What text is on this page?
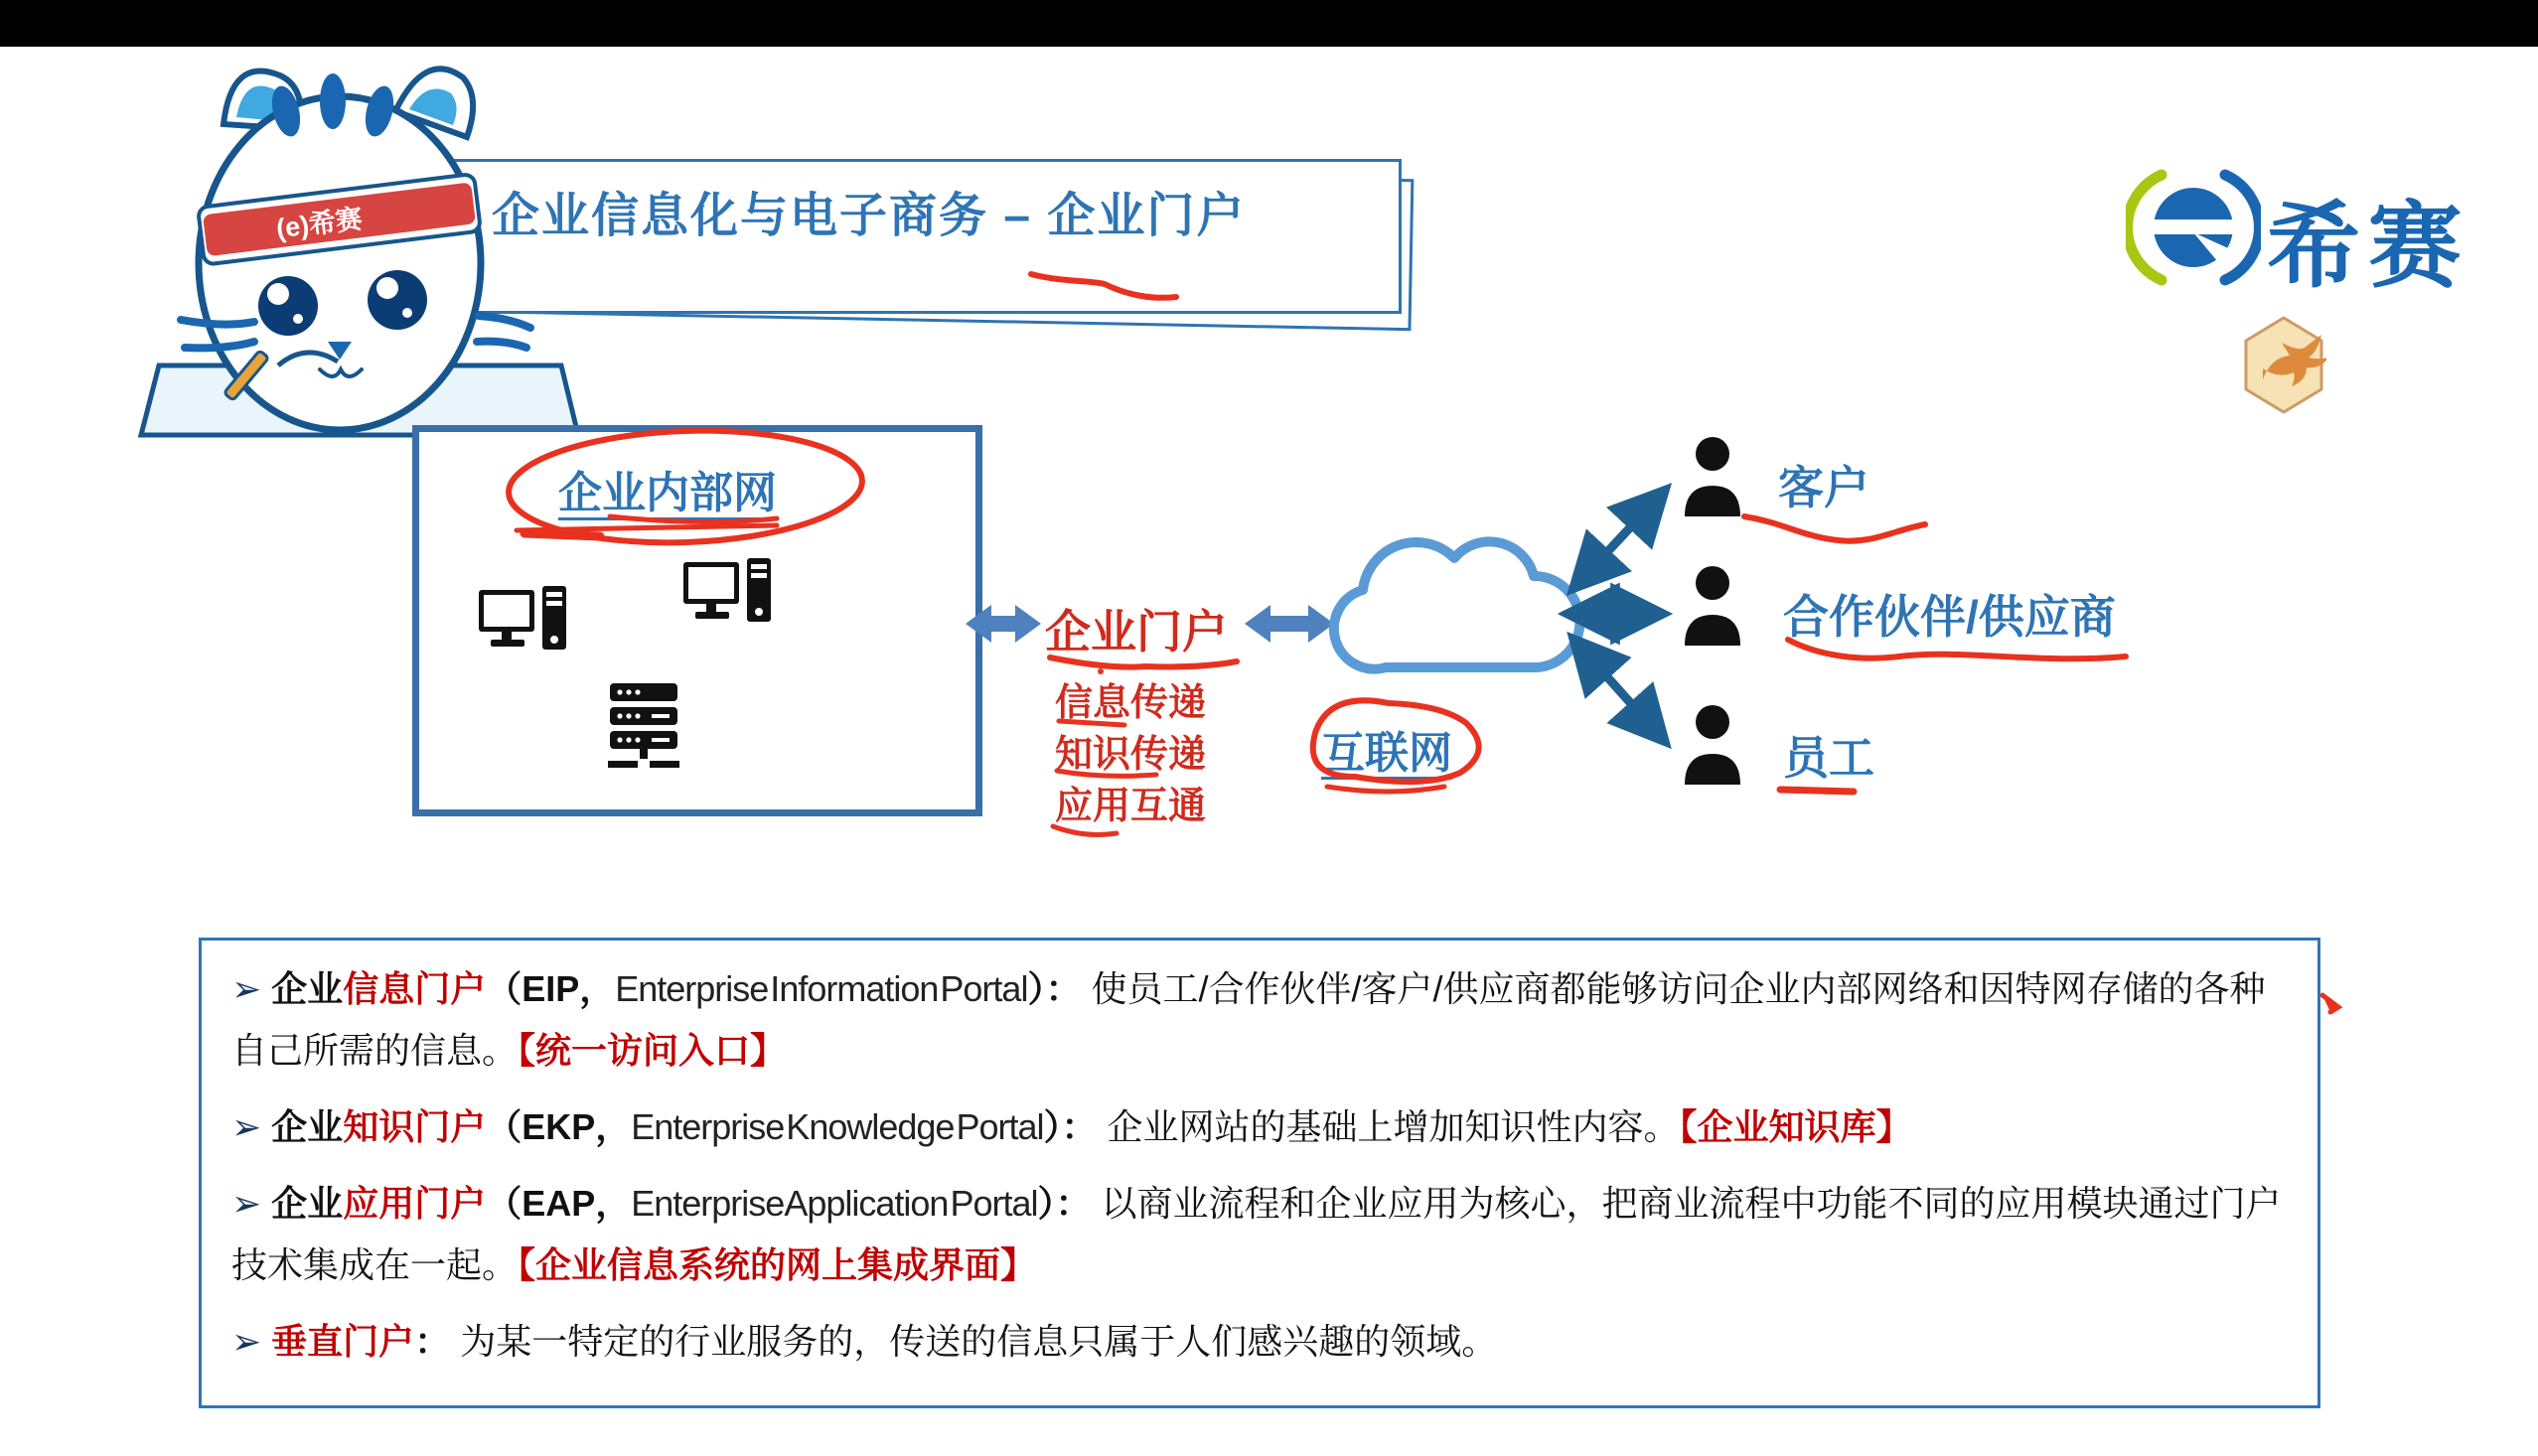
企业信息化与电子商务 – 企业门户
(e)希赛	希赛
企业内部网
企业门户
信息传递
知识传递
应用互通
互联网
客户
合作伙伴/供应商
员工

➢ 企业信息门户（EIP，Enterprise Information Portal）： 使员工/合作伙伴/客户/供应商都能够访问企业内部网络和因特网存储的各种自己所需的信息。【统一访问入口】

➢ 企业知识门户（EKP，Enterprise Knowledge Portal）： 企业网站的基础上增加知识性内容。【企业知识库】

➢ 企业应用门户（EAP，Enterprise Application Portal）： 以商业流程和企业应用为核心，把商业流程中功能不同的应用模块通过门户技术集成在一起。【企业信息系统的网上集成界面】

➢ 垂直门户： 为某一特定的行业服务的，传送的信息只属于人们感兴趣的领域。
